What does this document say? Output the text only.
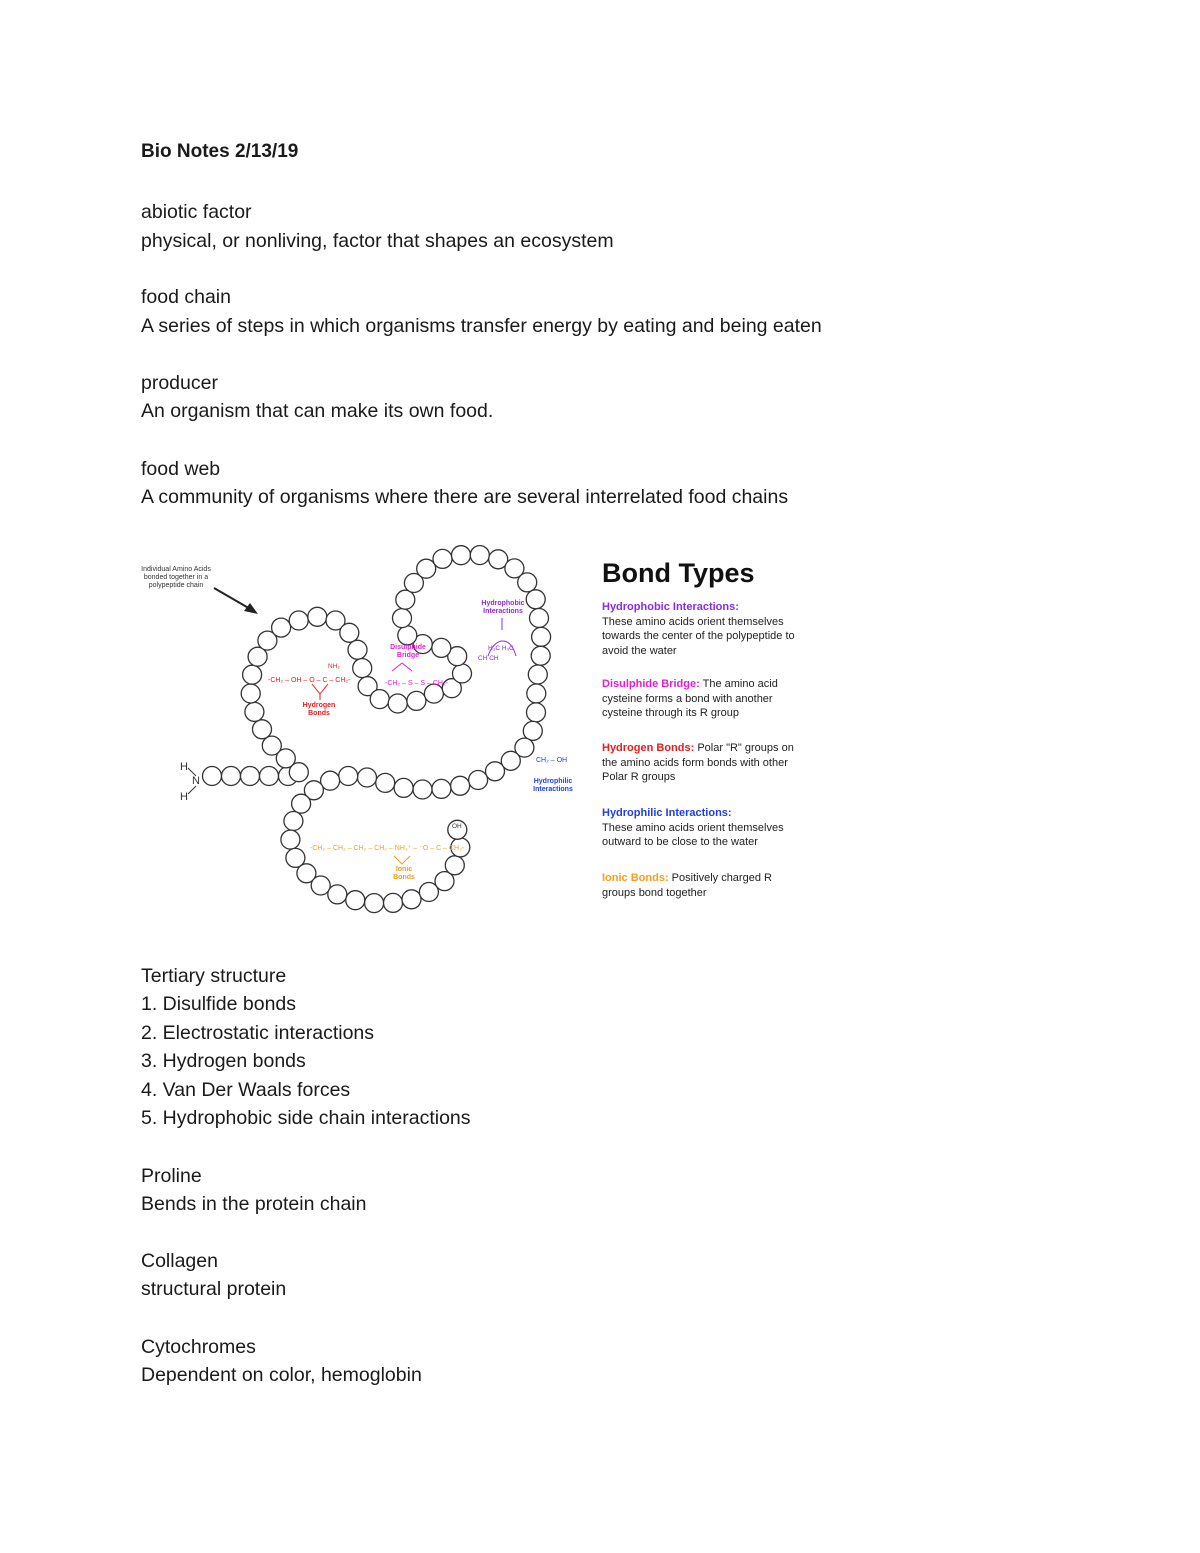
Bio Notes 2/13/19
abiotic factor
physical, or nonliving, factor that shapes an ecosystem
food chain
A series of steps in which organisms transfer energy by eating and being eaten
producer
An organism that can make its own food.
food web
A community of organisms where there are several interrelated food chains
-CH₂ – OH – O – C – CH₂-
NH₂
-CH₂ – S – S – CH₂-
H₃C H₃C
CH CH
CH₂ – OH
-CH₂ – CH₂ – CH₂ – CH₂ – NH₃⁺ – ⁻O – C – CH₂-
OH
H
N
H
Individual Amino Acids bonded together in a polypeptide chain
Hydrogen Bonds
Disulphide Bridge
Hydrophobic Interactions
Hydrophilic Interactions
Ionic Bonds
Bond Types
Hydrophobic Interactions:
These amino acids orient themselves towards the center of the polypeptide to avoid the water
Disulphide Bridge: The amino acid cysteine forms a bond with another cysteine through its R group
Hydrogen Bonds: Polar "R" groups on the amino acids form bonds with other Polar R groups
Hydrophilic Interactions:
These amino acids orient themselves outward to be close to the water
Ionic Bonds: Positively charged R groups bond together
Tertiary structure
1. Disulfide bonds
2. Electrostatic interactions
3. Hydrogen bonds
4. Van Der Waals forces
5. Hydrophobic side chain interactions
Proline
Bends in the protein chain
Collagen
structural protein
Cytochromes
Dependent on color, hemoglobin
